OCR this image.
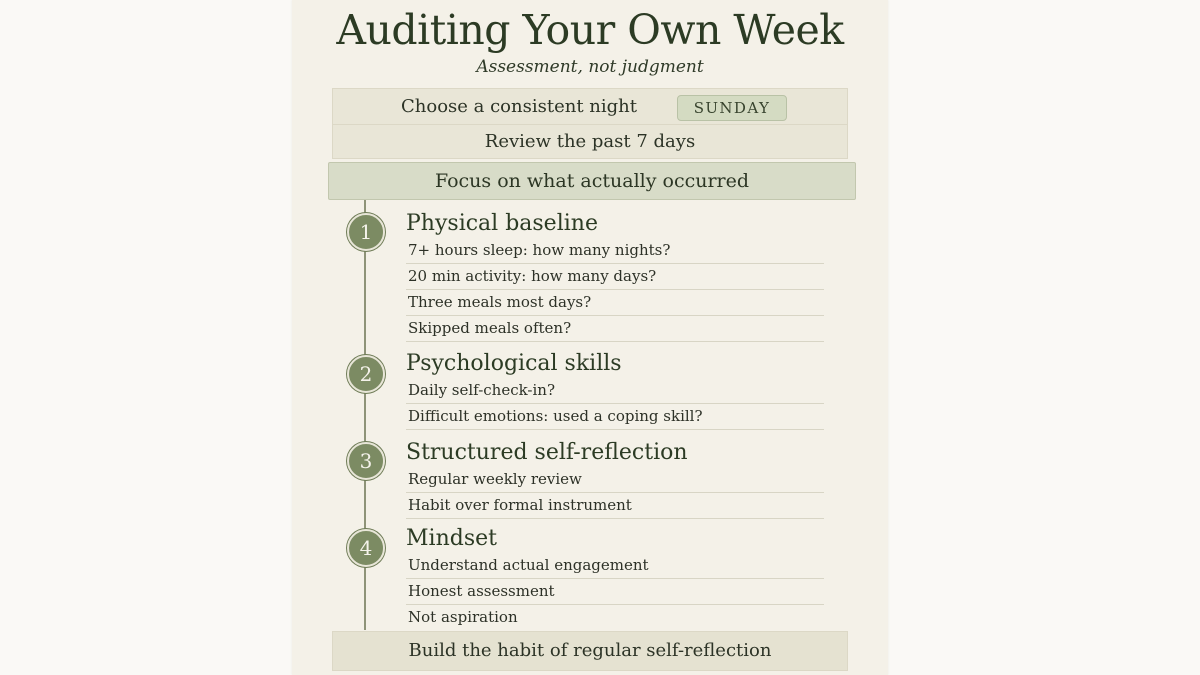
Auditing Your Own Week
Assessment, not judgment
Choose a consistent night	SUNDAY
Review the past 7 days
Focus on what actually occurred
1	Physical baseline
7+ hours sleep: how many nights?
20 min activity: how many days?
Three meals most days?
Skipped meals often?
2	Psychological skills
Daily self-check-in?
Difficult emotions: used a coping skill?
3	Structured self-reflection
Regular weekly review
Habit over formal instrument
4	Mindset
Understand actual engagement
Honest assessment
Not aspiration
Build the habit of regular self-reflection
